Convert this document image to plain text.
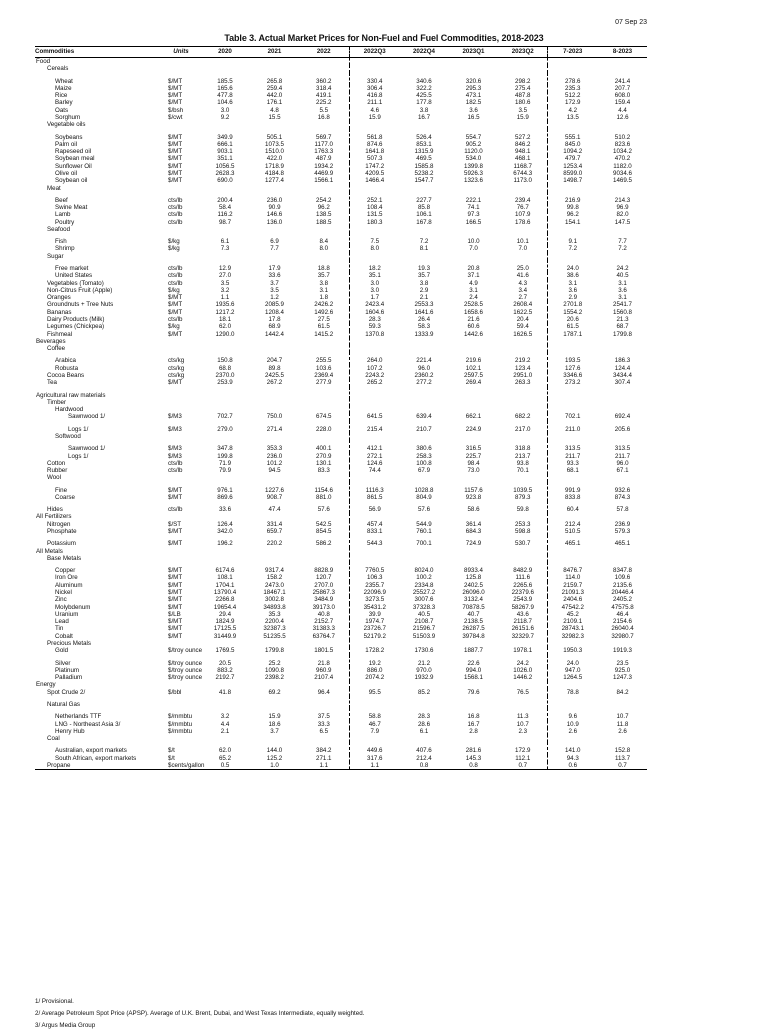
07 Sep 23
Table 3. Actual Market Prices for Non-Fuel and Fuel Commodities, 2018-2023
Commodities	Units	2020	2021	2022	2022Q3	2022Q4	2023Q1	2023Q2	7-2023	8-2023
Food										
Cereals										
Wheat	$/MT	185.5	265.8	360.2	330.4	340.6	320.6	298.2	278.6	241.4
Maize	$/MT	165.6	259.4	318.4	306.4	322.2	295.3	275.4	235.3	207.7
Rice	$/MT	477.8	442.0	419.1	416.8	425.5	473.1	487.8	512.2	608.0
Barley	$/MT	104.6	176.1	225.2	211.1	177.8	182.5	180.6	172.9	159.4
Oats	$/bsh	3.0	4.8	5.5	4.6	3.8	3.6	3.5	4.2	4.4
Sorghum	$/cwt	9.2	15.5	16.8	15.9	16.7	16.5	15.9	13.5	12.6
Vegetable oils										
Soybeans	$/MT	349.9	505.1	569.7	561.8	526.4	554.7	527.2	555.1	510.2
Palm oil	$/MT	666.1	1073.5	1177.0	874.6	853.1	905.2	846.2	845.0	823.6
Rapeseed oil	$/MT	903.1	1510.0	1763.3	1641.8	1315.9	1120.0	948.1	1094.2	1034.2
Soybean meal	$/MT	351.1	422.0	487.9	507.3	469.5	534.0	468.1	479.7	470.2
Sunflower Oil	$/MT	1056.5	1718.9	1934.2	1747.2	1585.8	1399.8	1168.7	1253.4	1182.0
Olive oil	$/MT	2628.3	4184.8	4469.9	4209.5	5238.2	5926.3	6744.3	8599.0	9034.6
Soybean oil	$/MT	690.0	1277.4	1566.1	1466.4	1547.7	1323.6	1173.0	1498.7	1469.5
Meat										
Beef	cts/lb	200.4	236.0	254.2	252.1	227.7	222.1	239.4	216.9	214.3
Swine Meat	cts/lb	58.4	90.9	96.2	108.4	85.8	74.1	76.7	99.8	96.9
Lamb	cts/lb	116.2	146.6	138.5	131.5	106.1	97.3	107.9	96.2	82.0
Poultry	cts/lb	98.7	136.0	188.5	180.3	167.8	166.5	178.6	154.1	147.5
Seafood										
Fish	$/kg	6.1	6.9	8.4	7.5	7.2	10.0	10.1	9.1	7.7
Shrimp	$/kg	7.3	7.7	8.0	8.0	8.1	7.0	7.0	7.2	7.2
Sugar										
Free market	cts/lb	12.9	17.9	18.8	18.2	19.3	20.8	25.0	24.0	24.2
United States	cts/lb	27.0	33.6	35.7	35.1	35.7	37.1	41.6	38.6	40.5
Vegetables (Tomato)	cts/lb	3.5	3.7	3.8	3.0	3.8	4.9	4.3	3.1	3.1
Non-Citrus Fruit (Apple)	$/kg	3.2	3.5	3.1	3.0	2.9	3.1	3.4	3.6	3.6
Oranges	$/MT	1.1	1.2	1.8	1.7	2.1	2.4	2.7	2.9	3.1
Groundnuts + Tree Nuts	$/MT	1935.6	2085.9	2426.2	2423.4	2553.3	2528.5	2608.4	2701.8	2541.7
Bananas	$/MT	1217.2	1208.4	1492.6	1604.6	1641.6	1658.6	1622.5	1554.2	1560.8
Dairy Products (Milk)	cts/lb	18.1	17.8	27.5	28.3	26.4	21.6	20.4	20.6	21.3
Legumes (Chickpea)	$/kg	62.0	68.9	61.5	59.3	58.3	60.6	59.4	61.5	68.7
Fishmeal	$/MT	1290.0	1442.4	1415.2	1370.8	1333.9	1442.6	1626.5	1787.1	1799.8
Beverages										
Coffee										
Arabica	cts/kg	150.8	204.7	255.5	264.0	221.4	219.6	219.2	193.5	186.3
Robusta	cts/kg	68.8	89.8	103.6	107.2	96.0	102.1	123.4	127.6	124.4
Cocoa Beans	cts/kg	2370.0	2425.5	2369.4	2243.2	2360.2	2597.5	2951.0	3346.6	3434.4
Tea	$/MT	253.9	267.2	277.9	265.2	277.2	269.4	263.3	273.2	307.4
Agricultural raw materials										
Timber										
Hardwood										
Sawnwood 1/	$/M3	702.7	750.0	674.5	641.5	639.4	662.1	682.2	702.1	692.4
Logs 1/	$/M3	279.0	271.4	228.0	215.4	210.7	224.9	217.0	211.0	205.6
Softwood										
Sawnwood 1/	$/M3	347.8	353.3	400.1	412.1	380.6	316.5	318.8	313.5	313.5
Logs 1/	$/M3	199.8	236.0	270.9	272.1	258.3	225.7	213.7	211.7	211.7
Cotton	cts/lb	71.9	101.2	130.1	124.6	100.8	98.4	93.8	93.3	96.0
Rubber	cts/lb	79.9	94.5	83.3	74.4	67.9	73.0	70.1	68.1	67.1
Wool										
Fine	$/MT	976.1	1227.6	1154.6	1116.3	1028.8	1157.6	1039.5	991.9	932.6
Coarse	$/MT	869.6	908.7	881.0	861.5	804.9	923.8	879.3	833.8	874.3
Hides	cts/lb	33.6	47.4	57.6	56.9	57.6	58.6	59.8	60.4	57.8
All Fertilizers										
Nitrogen	$/ST	126.4	331.4	542.5	457.4	544.9	361.4	253.3	212.4	236.9
Phosphate	$/MT	342.0	659.7	854.5	833.1	760.1	684.3	598.8	510.5	579.3
Potassium	$/MT	196.2	220.2	586.2	544.3	700.1	724.9	530.7	465.1	465.1
All Metals										
Base Metals										
Copper	$/MT	6174.6	9317.4	8828.9	7760.5	8024.0	8933.4	8482.9	8476.7	8347.8
Iron Ore	$/MT	108.1	158.2	120.7	106.3	100.2	125.8	111.6	114.0	109.6
Aluminum	$/MT	1704.1	2473.0	2707.0	2355.7	2334.8	2402.5	2265.6	2159.7	2135.6
Nickel	$/MT	13790.4	18467.1	25867.3	22096.9	25527.2	26096.0	22379.6	21091.3	20446.4
Zinc	$/MT	2266.8	3002.8	3484.9	3273.5	3007.6	3132.4	2543.9	2404.6	2405.2
Molybdenum	$/MT	19654.4	34893.8	39173.0	35431.2	37328.3	70878.5	58267.9	47542.2	47575.8
Uranium	$/LB	29.4	35.3	40.8	39.9	40.5	40.7	43.6	45.2	46.4
Lead	$/MT	1824.9	2200.4	2152.7	1974.7	2108.7	2138.5	2118.7	2109.1	2154.6
Tin	$/MT	17125.5	32387.3	31383.3	23726.7	21596.7	26287.5	26151.6	28743.1	26040.4
Cobalt	$/MT	31449.9	51235.5	63764.7	52179.2	51503.9	39784.8	32329.7	32982.3	32980.7
Precious Metals										
Gold	$/troy ounce	1769.5	1799.8	1801.5	1728.2	1730.6	1887.7	1978.1	1950.3	1919.3
Silver	$/troy ounce	20.5	25.2	21.8	19.2	21.2	22.6	24.2	24.0	23.5
Platinum	$/troy ounce	883.2	1090.8	960.9	886.0	970.0	994.0	1026.0	947.0	925.0
Palladium	$/troy ounce	2192.7	2398.2	2107.4	2074.2	1932.9	1568.1	1446.2	1264.5	1247.3
Energy										
Spot Crude 2/	$/bbl	41.8	69.2	96.4	95.5	85.2	79.6	76.5	78.8	84.2
Natural Gas										
Netherlands TTF	$/mmbtu	3.2	15.9	37.5	58.8	28.3	16.8	11.3	9.6	10.7
LNG - Northeast Asia 3/	$/mmbtu	4.4	18.6	33.3	46.7	28.6	16.7	10.7	10.9	11.8
Henry Hub	$/mmbtu	2.1	3.7	6.5	7.9	6.1	2.8	2.3	2.6	2.6
Coal										
Australian, export markets	$/t	62.0	144.0	384.2	449.6	407.6	281.6	172.9	141.0	152.8
South African, export markets	$/t	65.2	125.2	271.1	317.6	212.4	145.3	112.1	94.3	113.7
Propane	$cents/gallon	0.5	1.0	1.1	1.1	0.8	0.8	0.7	0.6	0.7
1/ Provisional.
2/ Average Petroleum Spot Price (APSP). Average of U.K. Brent, Dubai, and West Texas Intermediate, equally weighted.
3/ Argus Media Group
